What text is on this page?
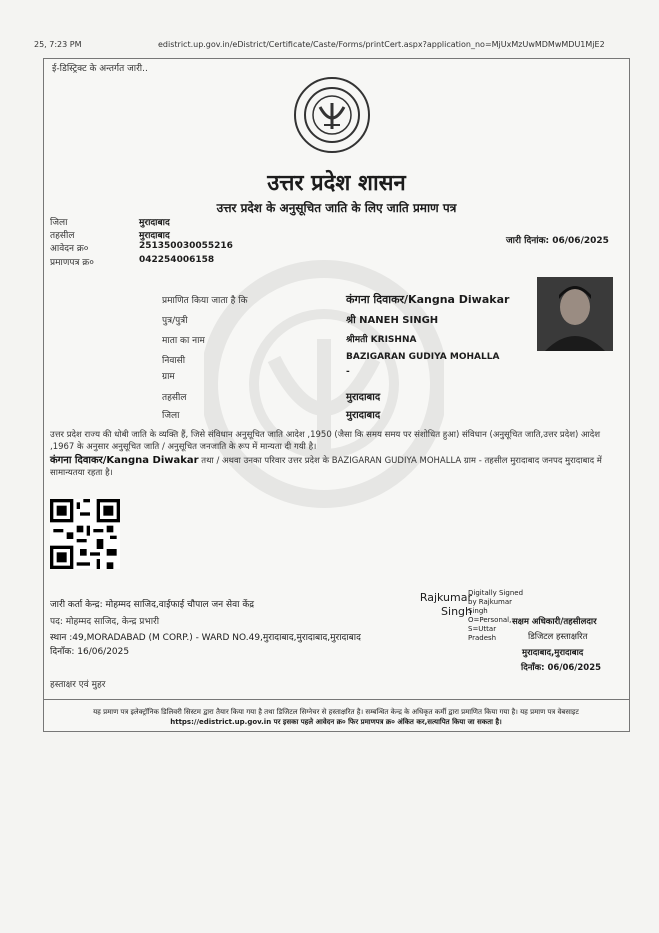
25, 7:23 PM	edistrict.up.gov.in/eDistrict/Certificate/Caste/Forms/printCert.aspx?application_no=MjUxMzUwMDMwMDU1MjE2
ई-डिस्ट्रिक्ट के अन्तर्गत जारी..
उत्तर प्रदेश शासन
उत्तर प्रदेश के अनुसूचित जाति के लिए जाति प्रमाण पत्र
जिला	मुरादाबाद
तहसील	मुरादाबाद
आवेदन क्र०	251350030055216
प्रमाणपत्र क्र०	042254006158
जारी दिनांक: 06/06/2025
प्रमाणित किया जाता है कि	कंगना दिवाकर/Kangna Diwakar
पुत्र/पुत्री	श्री NANEH SINGH
माता का नाम	श्रीमती KRISHNA
निवासी	BAZIGARAN GUDIYA MOHALLA
ग्राम	-
तहसील	मुरादाबाद
जिला	मुरादाबाद
उत्तर प्रदेश राज्य की धोबी जाति के व्यक्ति हैं, जिसे संविधान अनुसूचित जाति आदेश ,1950 (जैसा कि समय समय पर संशोधित हुआ) संविधान (अनुसूचित जाति,उत्तर प्रदेश) आदेश ,1967 के अनुसार अनुसूचित जाति / अनुसूचित जनजाति के रूप में मान्यता दी गयी है।
कंगना दिवाकर/Kangna Diwakar तथा / अथवा उनका परिवार उत्तर प्रदेश के BAZIGARAN GUDIYA MOHALLA ग्राम - तहसील मुरादाबाद जनपद मुरादाबाद में सामान्यतया रहता है।
जारी कर्ता केन्द्र: मोहम्मद साजिद,वाईफाई चौपाल जन सेवा केंद्र
पद: मोहम्मद साजिद, केन्द्र प्रभारी
स्थान :49,MORADABAD (M CORP.) - WARD NO.49,मुरादाबाद,मुरादाबाद,मुरादाबाद
दिनाँक: 16/06/2025
Rajkumar Singh
Digitally Signed by Rajkumar Singh O=Personal, S=Uttar Pradesh
सक्षम अधिकारी/तहसीलदार
डिजिटल हस्ताक्षरित
मुरादाबाद,मुरादाबाद
दिनाँक: 06/06/2025
हस्ताक्षर एवं मुहर
यह प्रमाण पत्र इलेक्ट्रॉनिक डिलिवरी सिस्टम द्वारा तैयार किया गया है तथा डिजिटल सिग्नेचर से हस्ताक्षरित है। सम्बन्धित केन्द्र के अधिकृत कर्मी द्वारा प्रमाणित किया गया है। यह प्रमाण पत्र वेबसाइट
https://edistrict.up.gov.in पर इसका पहले आवेदन क्र० फिर प्रमाणपत्र क्र० अंकित कर,सत्यापित किया जा सकता है।
